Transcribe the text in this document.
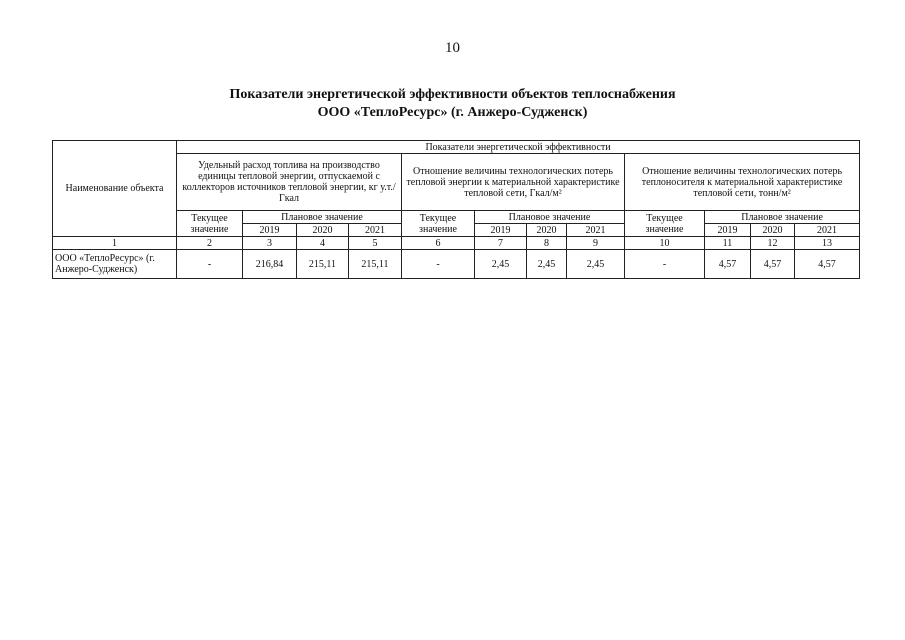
10
Показатели энергетической эффективности объектов теплоснабжения
ООО «ТеплоРесурс» (г. Анжеро-Судженск)
Наименование объекта	Показатели энергетической эффективности											
	Удельный расход топлива на производство единицы тепловой энергии, отпускаемой с коллекторов источников тепловой энергии, кг у.т./Гкал				Отношение величины технологических потерь тепловой энергии к материальной характеристике тепловой сети, Гкал/м²				Отношение величины технологических потерь теплоносителя к материальной характеристике тепловой сети, тонн/м²			
	Текущее значение	Плановое значение			Текущее значение	Плановое значение			Текущее значение	Плановое значение		
		2019	2020	2021		2019	2020	2021		2019	2020	2021
1	2	3	4	5	6	7	8	9	10	11	12	13
ООО «ТеплоРесурс» (г. Анжеро-Судженск)	-	216,84	215,11	215,11	-	2,45	2,45	2,45	-	4,57	4,57	4,57
